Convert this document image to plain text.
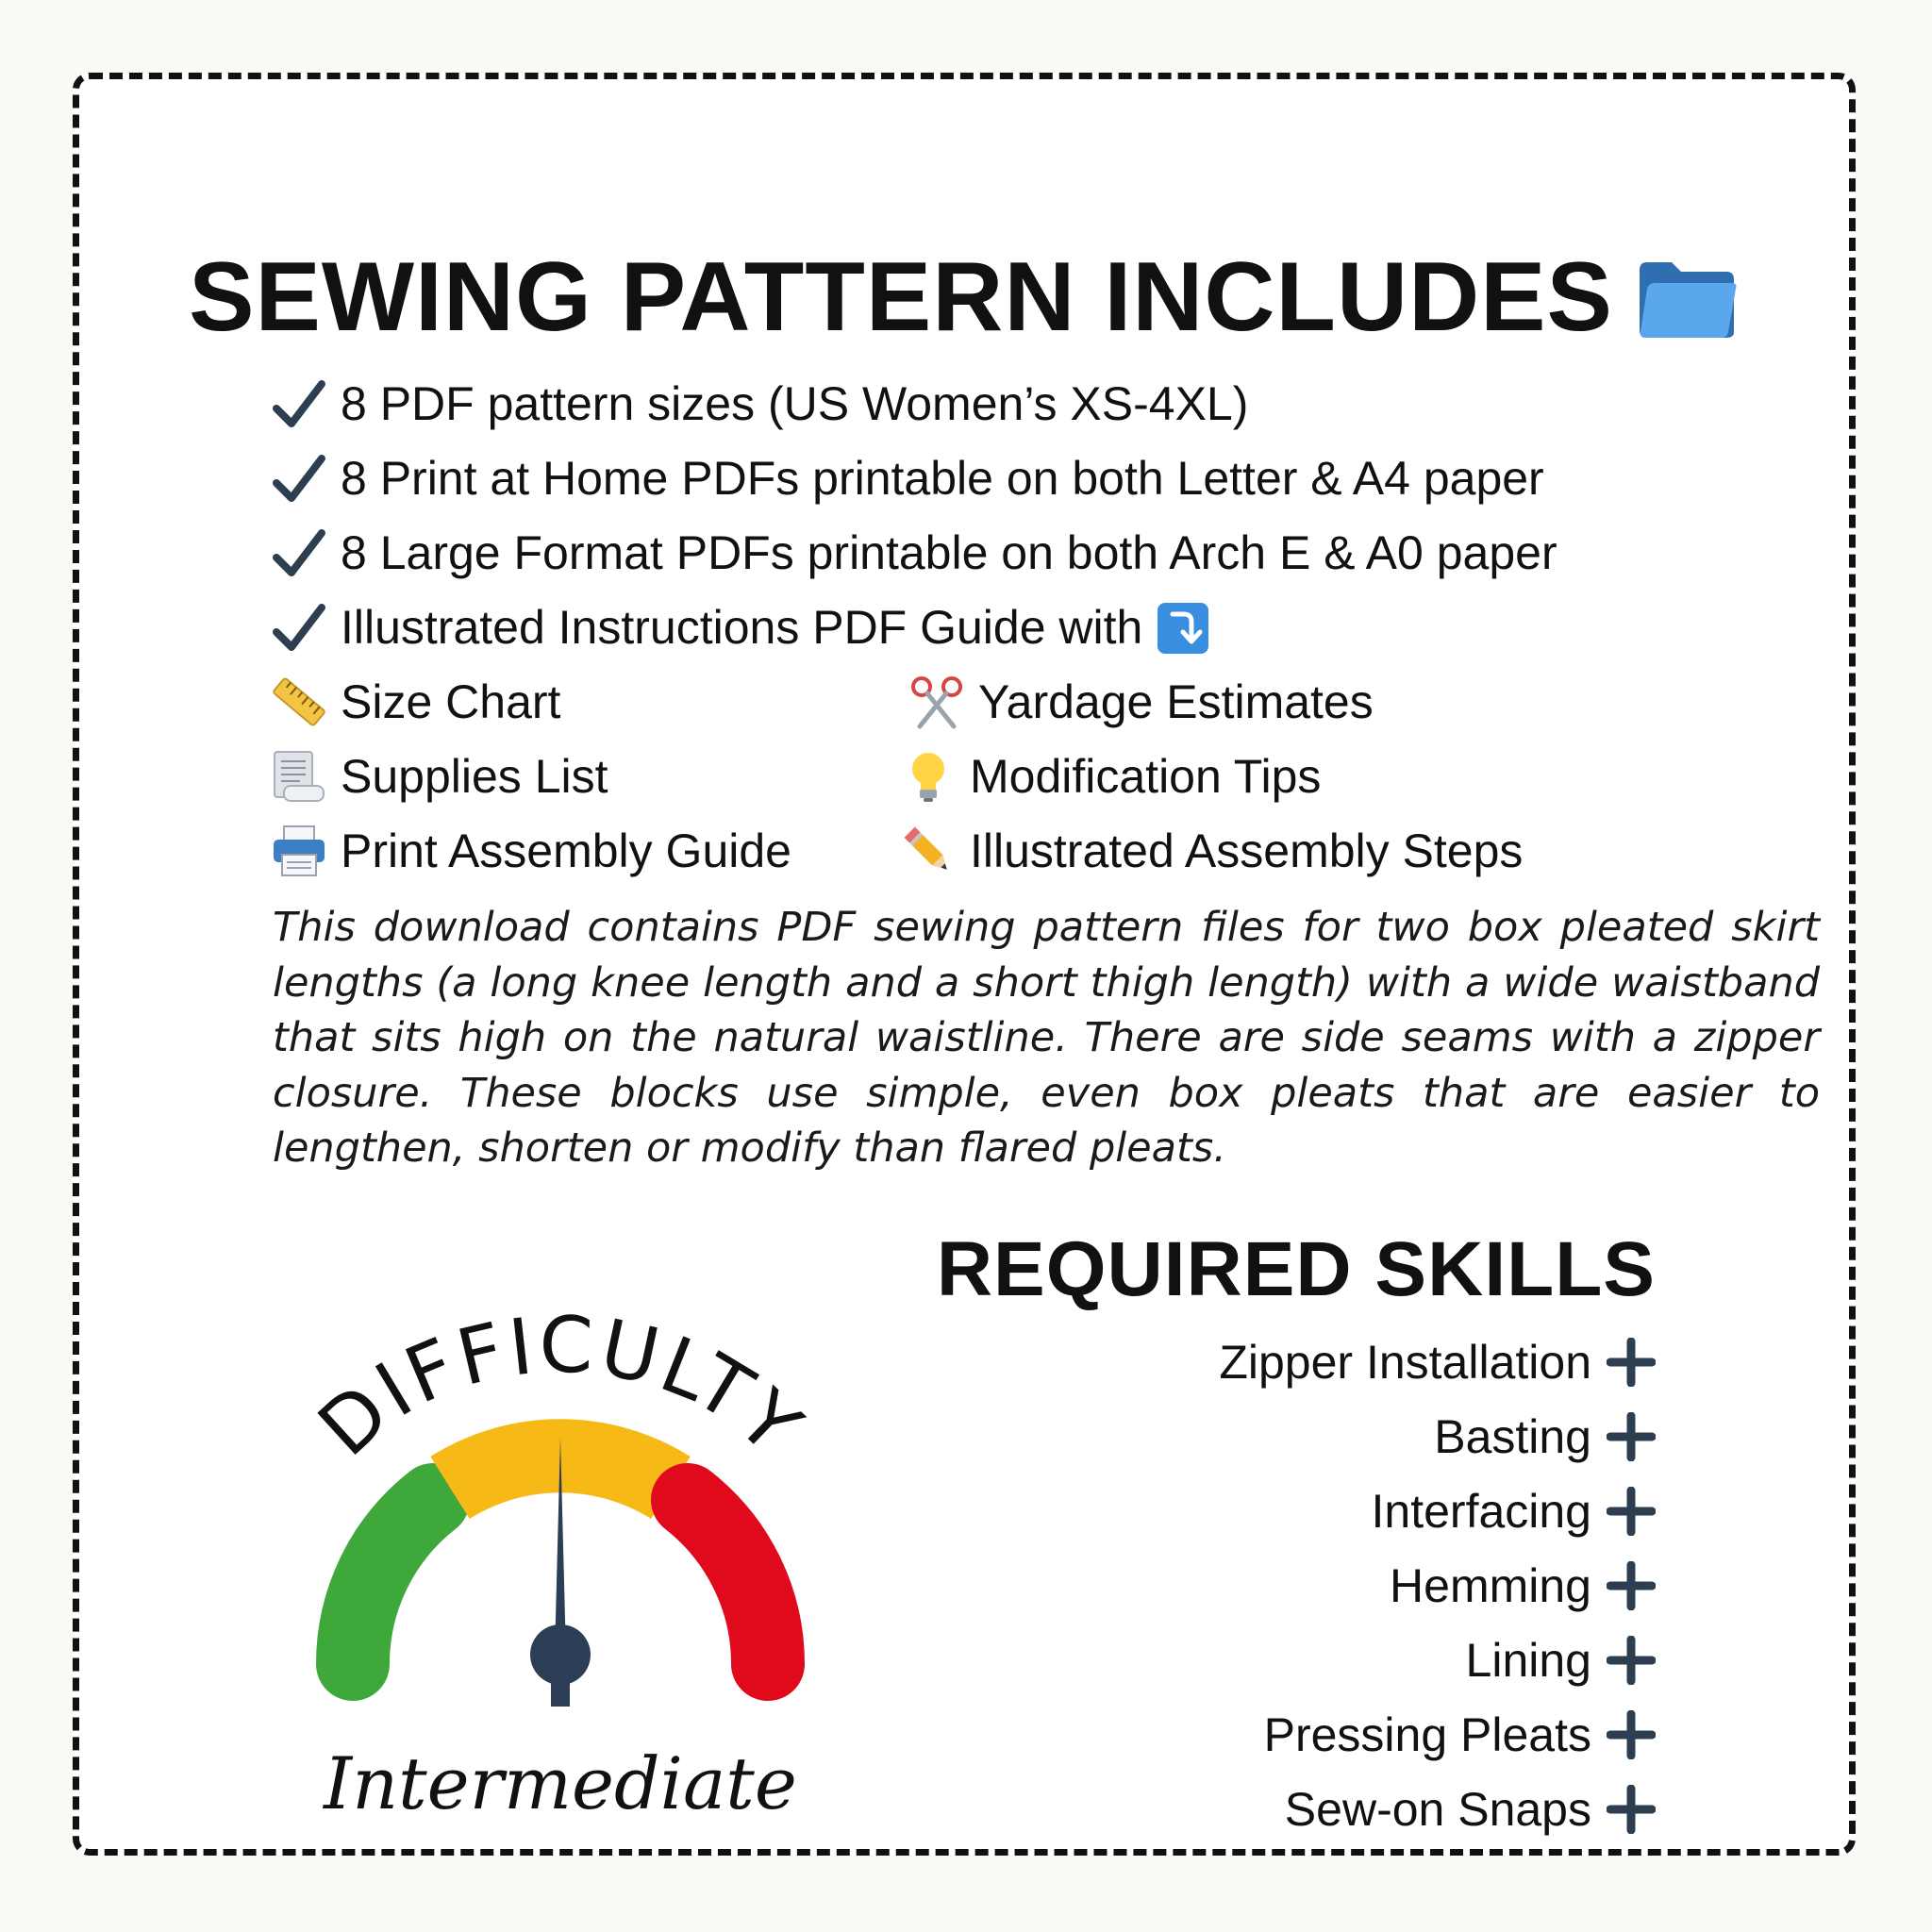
SEWING PATTERN INCLUDES
8 PDF pattern sizes (US Women’s XS-4XL)
8 Print at Home PDFs printable on both Letter & A4 paper
8 Large Format PDFs printable on both Arch E & A0 paper
Illustrated Instructions PDF Guide with
Size Chart	Yardage Estimates
Supplies List	Modification Tips
Print Assembly Guide	Illustrated Assembly Steps
This download contains PDF sewing pattern files for two box pleated skirt lengths (a long knee length and a short thigh length) with a wide waistband that sits high on the natural waistline. There are side seams with a zipper closure. These blocks use simple, even box pleats that are easier to lengthen, shorten or modify than flared pleats.
REQUIRED SKILLS
Zipper Installation
Basting
Interfacing
Hemming
Lining
Pressing Pleats
Sew-on Snaps
DIFFICULTY
Intermediate
